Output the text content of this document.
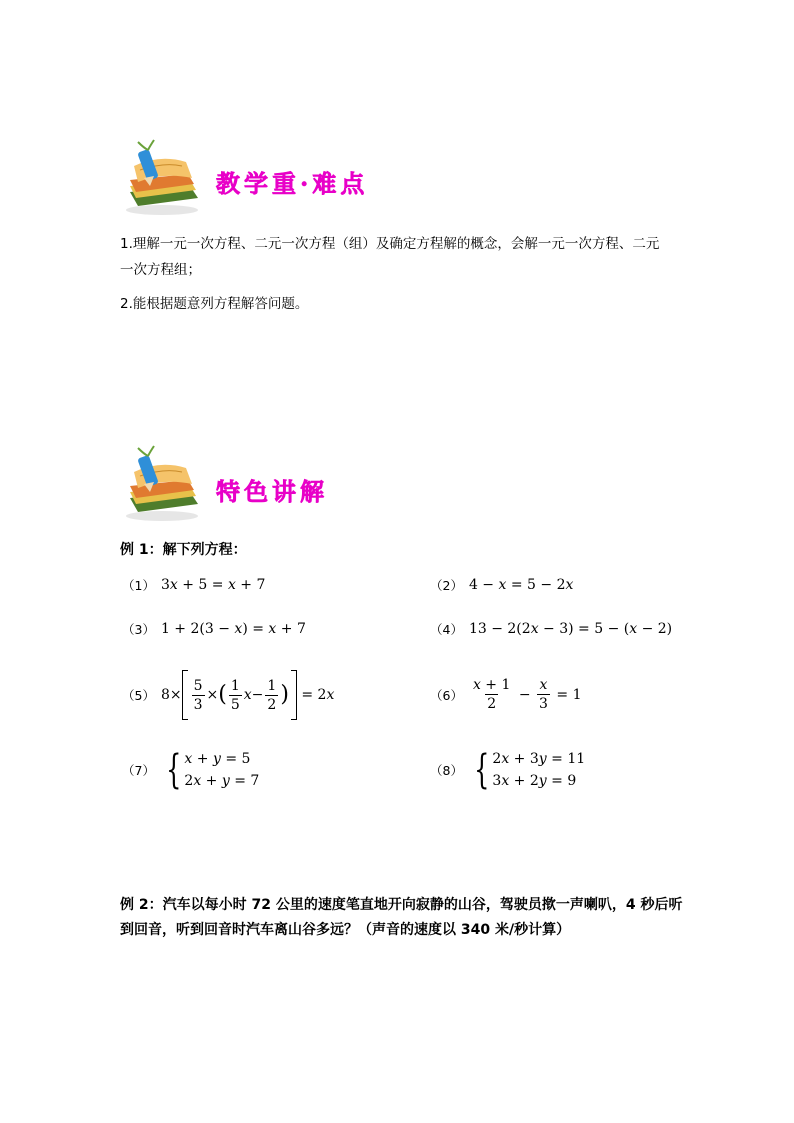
教学重·难点
1.理解一元一次方程、二元一次方程（组）及确定方程解的概念，会解一元一次方程、二元
一次方程组；
2.能根据题意列方程解答问题。
特色讲解
例 1：解下列方程：
（1） 3x + 5 = x + 7	（2） 4 − x = 5 − 2x
（3） 1 + 2(3 − x) = x + 7	（4） 13 − 2(2x − 3) = 5 − (x − 2)
（5） $8\times \frac{5}{3}$ × ( $\frac{1}{5}$ $x - \frac{1}{2}$ ) = 2 x	$(6) \frac{x + 1}{2} - \frac{x}{3} = 1$
（7） { x + y = 5
2x + y = 7
（8） { 2x + 3y = 11
3x + 2y = 9
例 2：汽车以每小时 72 公里的速度笔直地开向寂静的山谷，驾驶员揿一声喇叭，4 秒后听
到回音，听到回音时汽车离山谷多远？（声音的速度以 340 米/秒计算）
